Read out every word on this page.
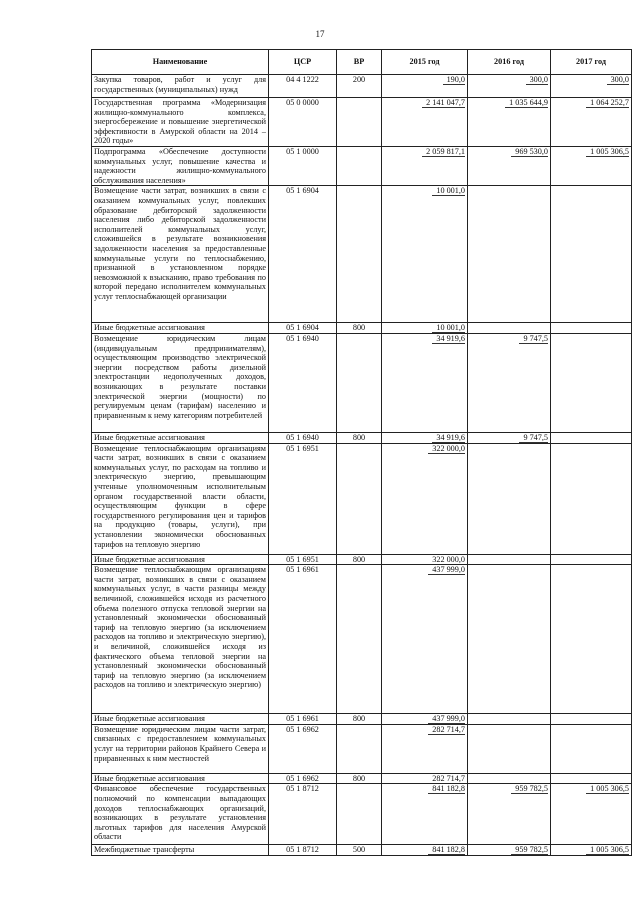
17
Наименование	ЦСР	ВР	2015 год	2016 год	2017 год
Закупка товаров, работ и услуг для государственных (муниципальных) нужд	04 4 1222	200	190,0	300,0	300,0
Государственная программа «Модернизация жилищно-коммунального комплекса, энергосбережение и повышение энергетической эффективности в Амурской области на 2014 – 2020 годы»	05 0 0000		2 141 047,7	1 035 644,9	1 064 252,7
Подпрограмма «Обеспечение доступности коммунальных услуг, повышение качества и надежности жилищно-коммунального обслуживания населения»	05 1 0000		2 059 817,1	969 530,0	1 005 306,5
Возмещение части затрат, возникших в связи с оказанием коммунальных услуг, повлекших образование дебиторской задолженности населения либо дебиторской задолженности исполнителей коммунальных услуг, сложившейся в результате возникновения задолженности населения за предоставленные коммунальные услуги по теплоснабжению, признанной в установленном порядке невозможной к взысканию, право требования по которой передано исполнителем коммунальных услуг теплоснабжающей организации	05 1 6904		10 001,0		
Иные бюджетные ассигнования	05 1 6904	800	10 001,0		
Возмещение юридическим лицам (индивидуальным предпринимателям), осуществляющим производство электрической энергии посредством работы дизельной электростанции недополученных доходов, возникающих в результате поставки электрической энергии (мощности) по регулируемым ценам (тарифам) населению и приравненным к нему категориям потребителей	05 1 6940		34 919,6	9 747,5	
Иные бюджетные ассигнования	05 1 6940	800	34 919,6	9 747,5	
Возмещение теплоснабжающим организациям части затрат, возникших в связи с оказанием коммунальных услуг, по расходам на топливо и электрическую энергию, превышающим учтенные уполномоченным исполнительным органом государственной власти области, осуществляющим функции в сфере государственного регулирования цен и тарифов на продукцию (товары, услуги), при установлении экономически обоснованных тарифов на тепловую энергию	05 1 6951		322 000,0		
Иные бюджетные ассигнования	05 1 6951	800	322 000,0		
Возмещение теплоснабжающим организациям части затрат, возникших в связи с оказанием коммунальных услуг, в части разницы между величиной, сложившейся исходя из расчетного объема полезного отпуска тепловой энергии на установленный экономически обоснованный тариф на тепловую энергию (за исключением расходов на топливо и электрическую энергию), и величиной, сложившейся исходя из фактического объема тепловой энергии на установленный экономически обоснованный тариф на тепловую энергию (за исключением расходов на топливо и электрическую энергию)	05 1 6961		437 999,0		
Иные бюджетные ассигнования	05 1 6961	800	437 999,0		
Возмещение юридическим лицам части затрат, связанных с предоставлением коммунальных услуг на территории районов Крайнего Севера и приравненных к ним местностей	05 1 6962		282 714,7		
Иные бюджетные ассигнования	05 1 6962	800	282 714,7		
Финансовое обеспечение государственных полномочий по компенсации выпадающих доходов теплоснабжающих организаций, возникающих в результате установления льготных тарифов для населения Амурской области	05 1 8712		841 182,8	959 782,5	1 005 306,5
Межбюджетные трансферты	05 1 8712	500	841 182,8	959 782,5	1 005 306,5
